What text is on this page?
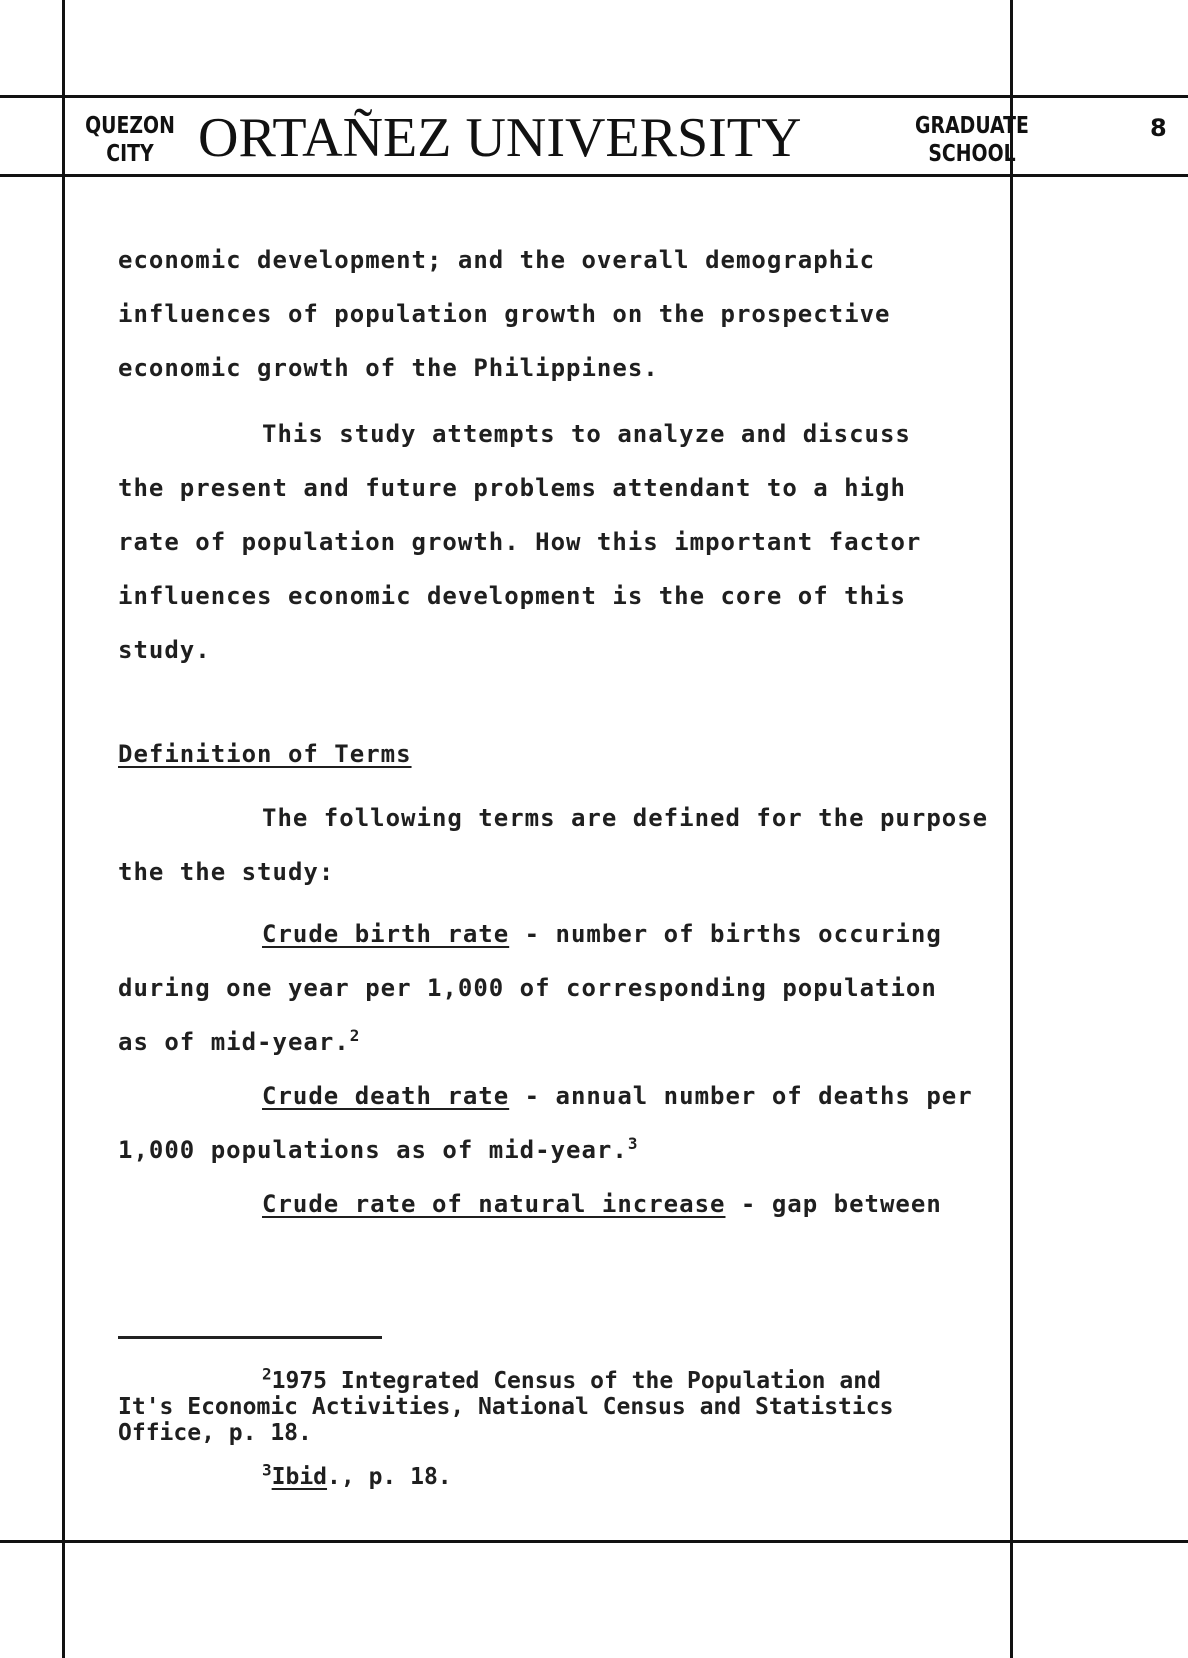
QUEZON
CITY ORTAÑEZ UNIVERSITY	GRADUATE
SCHOOL
8
economic development; and the overall demographic
influences of population growth on the prospective
economic growth of the Philippines.
This study attempts to analyze and discuss
the present and future problems attendant to a high
rate of population growth. How this important factor
influences economic development is the core of this
study.
Definition of Terms
The following terms are defined for the purpose
the the study:
Crude birth rate - number of births occuring
during one year per 1,000 of corresponding population
as of mid-year.$^2$
Crude death rate - annual number of deaths per
1,000 populations as of mid-year.$^3$
Crude rate of natural increase - gap between
$^2$1975 Integrated Census of the Population and
It's Economic Activities, National Census and Statistics
Office, p. 18.
$^3$Ibid., p. 18.
